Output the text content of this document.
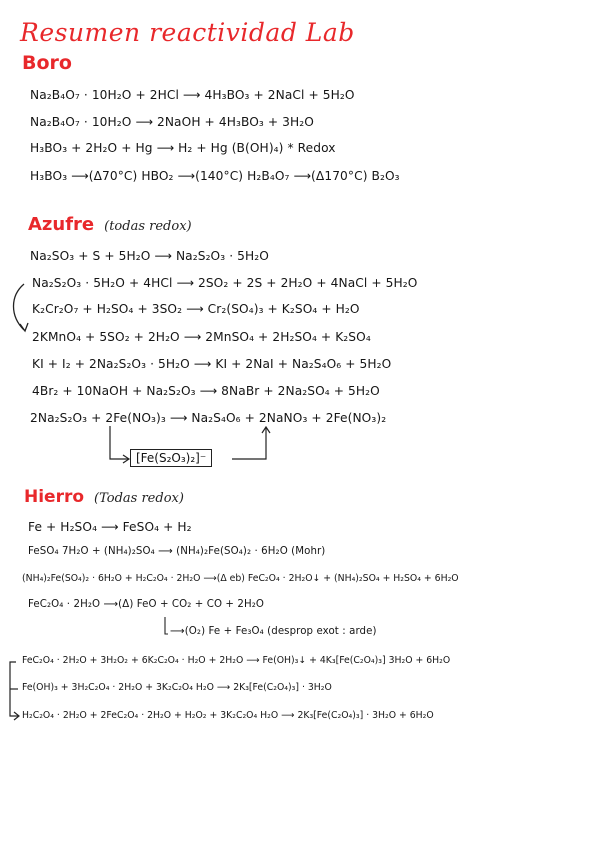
Resumen reactividad Lab
Boro
Na₂B₄O₇ · 10H₂O + 2HCl ⟶ 4H₃BO₃ + 2NaCl + 5H₂O
Na₂B₄O₇ · 10H₂O ⟶ 2NaOH + 4H₃BO₃ + 3H₂O
H₃BO₃ + 2H₂O + Hg ⟶ H₂ + Hg (B(OH)₄) * Redox
H₃BO₃ ⟶(Δ70°C) HBO₂ ⟶(140°C) H₂B₄O₇ ⟶(Δ170°C) B₂O₃
Azufre (todas redox)
Na₂SO₃ + S + 5H₂O ⟶ Na₂S₂O₃ · 5H₂O
Na₂S₂O₃ · 5H₂O + 4HCl ⟶ 2SO₂ + 2S + 2H₂O + 4NaCl + 5H₂O
K₂Cr₂O₇ + H₂SO₄ + 3SO₂ ⟶ Cr₂(SO₄)₃ + K₂SO₄ + H₂O
2KMnO₄ + 5SO₂ + 2H₂O ⟶ 2MnSO₄ + 2H₂SO₄ + K₂SO₄
KI + I₂ + 2Na₂S₂O₃ · 5H₂O ⟶ KI + 2NaI + Na₂S₄O₆ + 5H₂O
4Br₂ + 10NaOH + Na₂S₂O₃ ⟶ 8NaBr + 2Na₂SO₄ + 5H₂O
2Na₂S₂O₃ + 2Fe(NO₃)₃ ⟶ Na₂S₄O₆ + 2NaNO₃ + 2Fe(NO₃)₂
[Fe(S₂O₃)₂]⁻
Hierro (Todas redox)
Fe + H₂SO₄ ⟶ FeSO₄ + H₂
FeSO₄ 7H₂O + (NH₄)₂SO₄ ⟶ (NH₄)₂Fe(SO₄)₂ · 6H₂O (Mohr)
(NH₄)₂Fe(SO₄)₂ · 6H₂O + H₂C₂O₄ · 2H₂O ⟶(Δ eb) FeC₂O₄ · 2H₂O↓ + (NH₄)₂SO₄ + H₂SO₄ + 6H₂O
FeC₂O₄ · 2H₂O ⟶(Δ) FeO + CO₂ + CO + 2H₂O
⟶(O₂) Fe + Fe₃O₄ (desprop exot : arde)
FeC₂O₄ · 2H₂O + 3H₂O₂ + 6K₂C₂O₄ · H₂O + 2H₂O ⟶ Fe(OH)₃↓ + 4K₃[Fe(C₂O₄)₃] 3H₂O + 6H₂O
Fe(OH)₃ + 3H₂C₂O₄ · 2H₂O + 3K₂C₂O₄ H₂O ⟶ 2K₃[Fe(C₂O₄)₃] · 3H₂O
H₂C₂O₄ · 2H₂O + 2FeC₂O₄ · 2H₂O + H₂O₂ + 3K₂C₂O₄ H₂O ⟶ 2K₃[Fe(C₂O₄)₃] · 3H₂O + 6H₂O
